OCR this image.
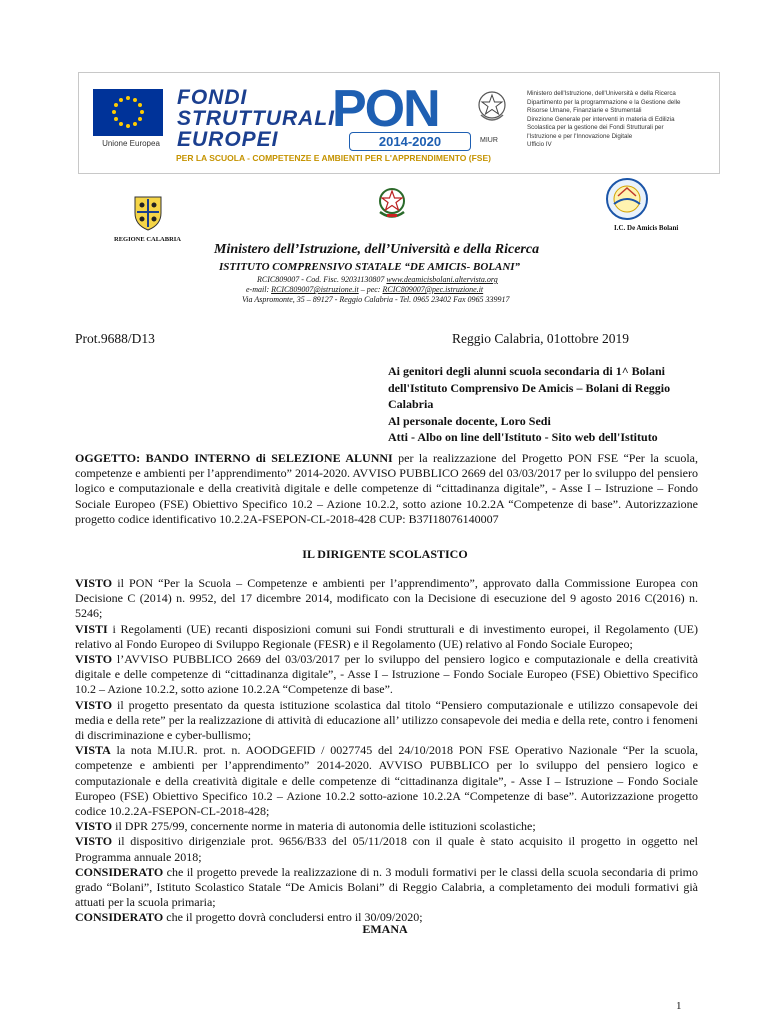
Unione Europea
FONDI
STRUTTURALI
EUROPEI
PON
2014-2020
PER LA SCUOLA - COMPETENZE E AMBIENTI PER L'APPRENDIMENTO (FSE)
MIUR
Ministero dell'Istruzione, dell'Università e della Ricerca
Dipartimento per la programmazione e la Gestione delle
Risorse Umane, Finanziarie e Strumentali
Direzione Generale per interventi in materia di Edilizia
Scolastica per la gestione dei Fondi Strutturali per
l'Istruzione e per l'Innovazione Digitale
Ufficio IV
REGIONE CALABRIA
I.C. De Amicis Bolani
Ministero dell’Istruzione, dell’Università e della Ricerca
ISTITUTO COMPRENSIVO STATALE “DE AMICIS- BOLANI”
RCIC809007 - Cod. Fisc. 92031130807 www.deamicisbolani.altervista.org
e-mail: RCIC809007@istruzione.it – pec: RCIC809007@pec.istruzione.it
Via Aspromonte, 35 – 89127 - Reggio Calabria - Tel. 0965 23402 Fax 0965 339917
Prot.9688/D13	Reggio Calabria, 01ottobre 2019
Ai genitori degli alunni scuola secondaria di 1^ Bolani
dell'Istituto Comprensivo De Amicis – Bolani di Reggio
Calabria
Al personale docente, Loro Sedi
Atti - Albo on line dell'Istituto - Sito web dell'Istituto
OGGETTO: BANDO INTERNO di SELEZIONE ALUNNI per la realizzazione del Progetto PON FSE “Per la scuola, competenze e ambienti per l’apprendimento” 2014-2020. AVVISO PUBBLICO 2669 del 03/03/2017 per lo sviluppo del pensiero logico e computazionale e della creatività digitale e delle competenze di “cittadinanza digitale”, - Asse I – Istruzione – Fondo Sociale Europeo (FSE) Obiettivo Specifico 10.2 – Azione 10.2.2, sotto azione 10.2.2A “Competenze di base”. Autorizzazione progetto codice identificativo 10.2.2A-FSEPON-CL-2018-428 CUP: B37I18076140007
IL DIRIGENTE SCOLASTICO
VISTO il PON “Per la Scuola – Competenze e ambienti per l’apprendimento”, approvato dalla Commissione Europea con Decisione C (2014) n. 9952, del 17 dicembre 2014, modificato con la Decisione di esecuzione del 9 agosto 2016 C(2016) n. 5246;
VISTI i Regolamenti (UE) recanti disposizioni comuni sui Fondi strutturali e di investimento europei, il Regolamento (UE) relativo al Fondo Europeo di Sviluppo Regionale (FESR) e il Regolamento (UE) relativo al Fondo Sociale Europeo;
VISTO l’AVVISO PUBBLICO 2669 del 03/03/2017 per lo sviluppo del pensiero logico e computazionale e della creatività digitale e delle competenze di “cittadinanza digitale”, - Asse I – Istruzione – Fondo Sociale Europeo (FSE) Obiettivo Specifico 10.2 – Azione 10.2.2, sotto azione 10.2.2A “Competenze di base”.
VISTO il progetto presentato da questa istituzione scolastica dal titolo “Pensiero computazionale e utilizzo consapevole dei media e della rete” per la realizzazione di attività di educazione all’ utilizzo consapevole dei media e della rete, contro i fenomeni di discriminazione e cyber-bullismo;
VISTA la nota M.IU.R. prot. n. AOODGEFID / 0027745 del 24/10/2018 PON FSE Operativo Nazionale “Per la scuola, competenze e ambienti per l’apprendimento” 2014-2020. AVVISO PUBBLICO per lo sviluppo del pensiero logico e computazionale e della creatività digitale e delle competenze di “cittadinanza digitale”, - Asse I – Istruzione – Fondo Sociale Europeo (FSE) Obiettivo Specifico 10.2 – Azione 10.2.2 sotto-azione 10.2.2A “Competenze di base”. Autorizzazione progetto codice 10.2.2A-FSEPON-CL-2018-428;
VISTO il DPR 275/99, concernente norme in materia di autonomia delle istituzioni scolastiche;
VISTO il dispositivo dirigenziale prot. 9656/B33 del 05/11/2018 con il quale è stato acquisito il progetto in oggetto nel Programma annuale 2018;
CONSIDERATO che il progetto prevede la realizzazione di n. 3 moduli formativi per le classi della scuola secondaria di primo grado “Bolani”, Istituto Scolastico Statale “De Amicis Bolani” di Reggio Calabria, a completamento dei moduli formativi già attuati per la scuola primaria;
CONSIDERATO che il progetto dovrà concludersi entro il 30/09/2020;
EMANA
1
